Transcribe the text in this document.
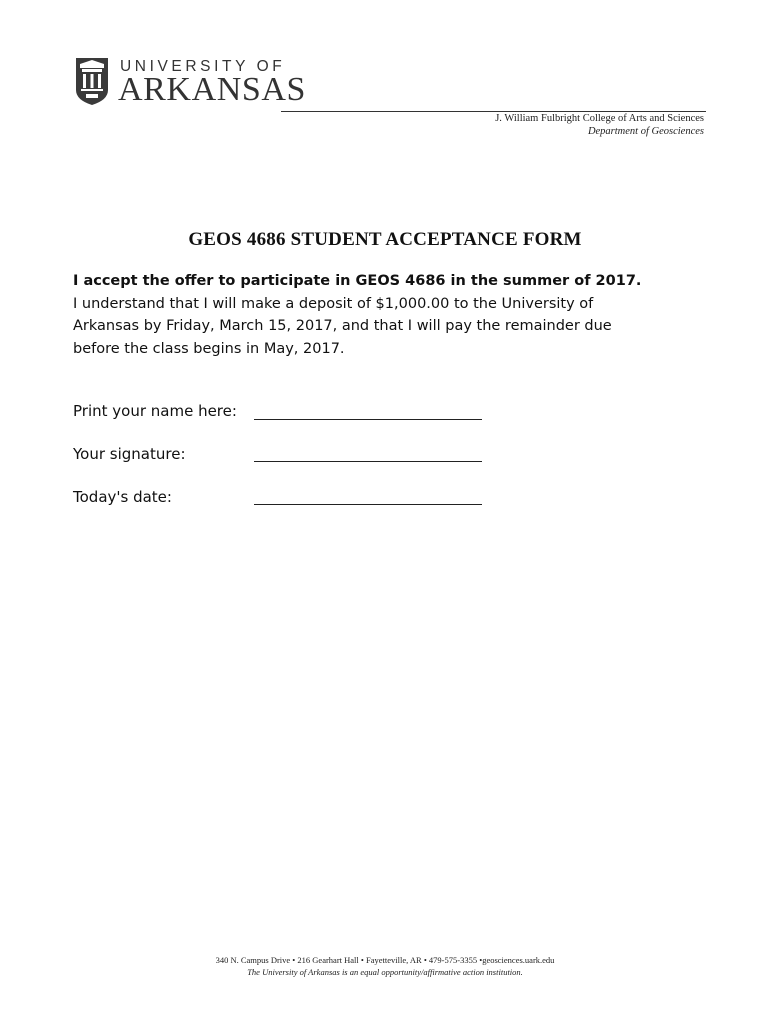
UNIVERSITY OF
ARKANSAS
J. William Fulbright College of Arts and Sciences
Department of Geosciences
GEOS 4686 STUDENT ACCEPTANCE FORM
I accept the offer to participate in GEOS 4686 in the summer of 2017.
I understand that I will make a deposit of $1,000.00 to the University of
Arkansas by Friday, March 15, 2017, and that I will pay the remainder due
before the class begins in May, 2017.
Print your name here:
Your signature:
Today's date:
340 N. Campus Drive • 216 Gearhart Hall • Fayetteville, AR • 479-575-3355 •geosciences.uark.edu
The University of Arkansas is an equal opportunity/affirmative action institution.
